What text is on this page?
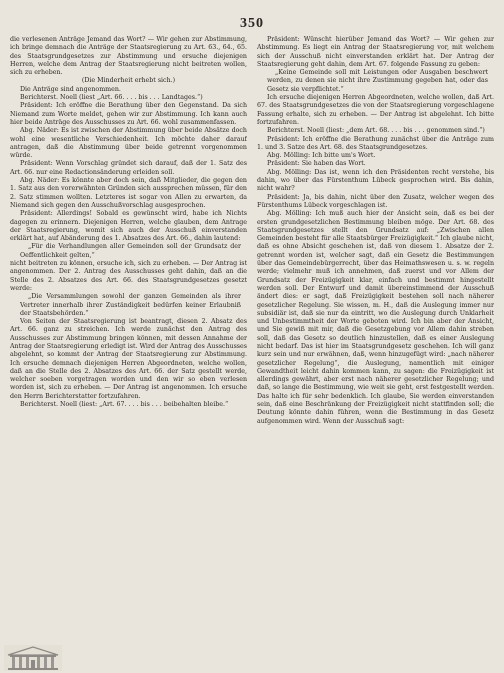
350

die verlesenen Anträge Jemand das Wort? — Wir gehen zur Abstimmung, ich bringe demnach die Anträge der Staatsregierung zu Art. 63., 64., 65. des Staatsgrundgesetzes zur Abstimmung und ersuche diejenigen Herren, welche dem Antrag der Staatsregierung nicht beitreten wollen, sich zu erheben.

(Die Minderheit erhebt sich.)

Die Anträge sind angenommen.

Berichterst. Noell (liest „Art. 66. . . . bis . . . Landtages.“)

Präsident: Ich eröffne die Berathung über den Gegenstand. Da sich Niemand zum Worte meldet, gehen wir zur Abstimmung. Ich kann auch hier beide Anträge des Ausschusses zu Art. 66. wohl zusammenfassen.

Abg. Näder: Es ist zwischen der Abstimmung über beide Absätze doch wohl eine wesentliche Verschiedenheit. Ich möchte daher darauf antragen, daß die Abstimmung über beide getrennt vorgenommen würde.

Präsident: Wenn Vorschlag gründet sich darauf, daß der 1. Satz des Art. 66. nur eine Redactionsänderung erleiden soll.

Abg. Näder: Es könnte aber doch sein, daß Mitglieder, die gegen den 1. Satz aus den vorerwähnten Gründen sich aussprechen müssen, für den 2. Satz stimmen wollten. Letzteres ist sogar von Allen zu erwarten, da Niemand sich gegen den Ausschußvorschlag ausgesprochen.

Präsident: Allerdings! Sobald es gewünscht wird, habe ich Nichts dagegen zu erinnern. Diejenigen Herren, welche glauben, dem Antrage der Staatsregierung, womit sich auch der Ausschuß einverstanden erklärt hat, auf Abänderung des 1. Absatzes des Art. 66., dahin lautend:

„Für die Verhandlungen aller Gemeinden soll der Grundsatz der Oeffentlichkeit gelten,“

nicht beitreten zu können, ersuche ich, sich zu erheben. — Der Antrag ist angenommen. Der 2. Antrag des Ausschusses geht dahin, daß an die Stelle des 2. Absatzes des Art. 66. des Staatsgrundgesetzes gesetzt werde:

„Die Versammlungen sowohl der ganzen Gemeinden als ihrer Vertreter innerhalb ihrer Zuständigkeit bedürfen keiner Erlaubniß der Staatsbehörden.“

Von Seiten der Staatsregierung ist beantragt, diesen 2. Absatz des Art. 66. ganz zu streichen. Ich werde zunächst den Antrag des Ausschusses zur Abstimmung bringen können, mit dessen Annahme der Antrag der Staatsregierung erledigt ist. Wird der Antrag des Ausschusses abgelehnt, so kommt der Antrag der Staatsregierung zur Abstimmung. Ich ersuche demnach diejenigen Herren Abgeordneten, welche wollen, daß an die Stelle des 2. Absatzes des Art. 66. der Satz gestellt werde, welcher soeben vorgetragen worden und den wir so eben verlesen worden ist, sich zu erheben. — Der Antrag ist angenommen. Ich ersuche den Herrn Berichterstatter fortzufahren.

Berichterst. Noell (liest: „Art. 67. . . . bis . . . beibehalten bleibe.“

Präsident: Wünscht hierüber Jemand das Wort? — Wir gehen zur Abstimmung. Es liegt ein Antrag der Staatsregierung vor, mit welchem sich der Ausschuß nicht einverstanden erklärt hat. Der Antrag der Staatsregierung geht dahin, dem Art. 67. folgende Fassung zu geben:

„Keine Gemeinde soll mit Leistungen oder Ausgaben beschwert werden, zu denen sie nicht ihre Zustimmung gegeben hat, oder das Gesetz sie verpflichtet.“

Ich ersuche diejenigen Herren Abgeordneten, welche wollen, daß Art. 67. des Staatsgrundgesetzes die von der Staatsregierung vorgeschlagene Fassung erhalte, sich zu erheben. — Der Antrag ist abgelehnt. Ich bitte fortzufahren.

Berichterst. Noell (liest: „dem Art. 68. . . . bis . . . genommen sind.“)

Präsident: Ich eröffne die Berathung zunächst über die Anträge zum 1. und 3. Satze des Art. 68. des Staatsgrundgesetzes.

Abg. Mölling: Ich bitte um's Wort.

Präsident: Sie haben das Wort.

Abg. Mölling: Das ist, wenn ich den Präsidenten recht verstehe, bis dahin, wo über das Fürstenthum Lübeck gesprochen wird. Bis dahin, nicht wahr?

Präsident: Ja, bis dahin, nicht über den Zusatz, welcher wegen des Fürstenthums Lübeck vorgeschlagen ist.

Abg. Mölling: Ich muß auch hier der Ansicht sein, daß es bei der ersten grundgesetzlichen Bestimmung bleiben möge. Der Art. 68. des Staatsgrundgesetzes stellt den Grundsatz auf: „Zwischen allen Gemeinden besteht für alle Staatsbürger Freizügigkeit.“ Ich glaube nicht, daß es ohne Absicht geschehen ist, daß von diesem 1. Absatze der 2. getrennt worden ist, welcher sagt, daß ein Gesetz die Bestimmungen über das Gemeindebürgerrecht, über das Heimathswesen u. s. w. regeln werde; vielmehr muß ich annehmen, daß zuerst und vor Allem der Grundsatz der Freizügigkeit klar, einfach und bestimmt hingestellt werden soll. Der Entwurf und damit übereinstimmend der Ausschuß ändert dies: er sagt, daß Freizügigkeit bestehen soll nach näherer gesetzlicher Regelung. Sie wissen, m. H., daß die Auslegung immer nur subsidiär ist, daß sie nur da eintritt, wo die Auslegung durch Unklarheit und Unbestimmtheit der Worte geboten wird. Ich bin aber der Ansicht, und Sie gewiß mit mir, daß die Gesetzgebung vor Allem dahin streben soll, daß das Gesetz so deutlich hinzustellen, daß es einer Auslegung nicht bedarf. Das ist hier im Staatsgrundgesetz geschehen. Ich will ganz kurz sein und nur erwähnen, daß, wenn hinzugefügt wird: „nach näherer gesetzlicher Regelung“, die Auslegung, namentlich mit einiger Gewandtheit leicht dahin kommen kann, zu sagen: die Freizügigkeit ist allerdings gewährt, aber erst nach näherer gesetzlicher Regelung; und daß, so lange die Bestimmung, wie weit sie geht, erst festgestellt werden. Das halte ich für sehr bedenklich. Ich glaube, Sie werden einverstanden sein, daß eine Beschränkung der Freizügigkeit nicht stattfinden soll; die Deutung könnte dahin führen, wenn die Bestimmung in das Gesetz aufgenommen wird. Wenn der Ausschuß sagt:
